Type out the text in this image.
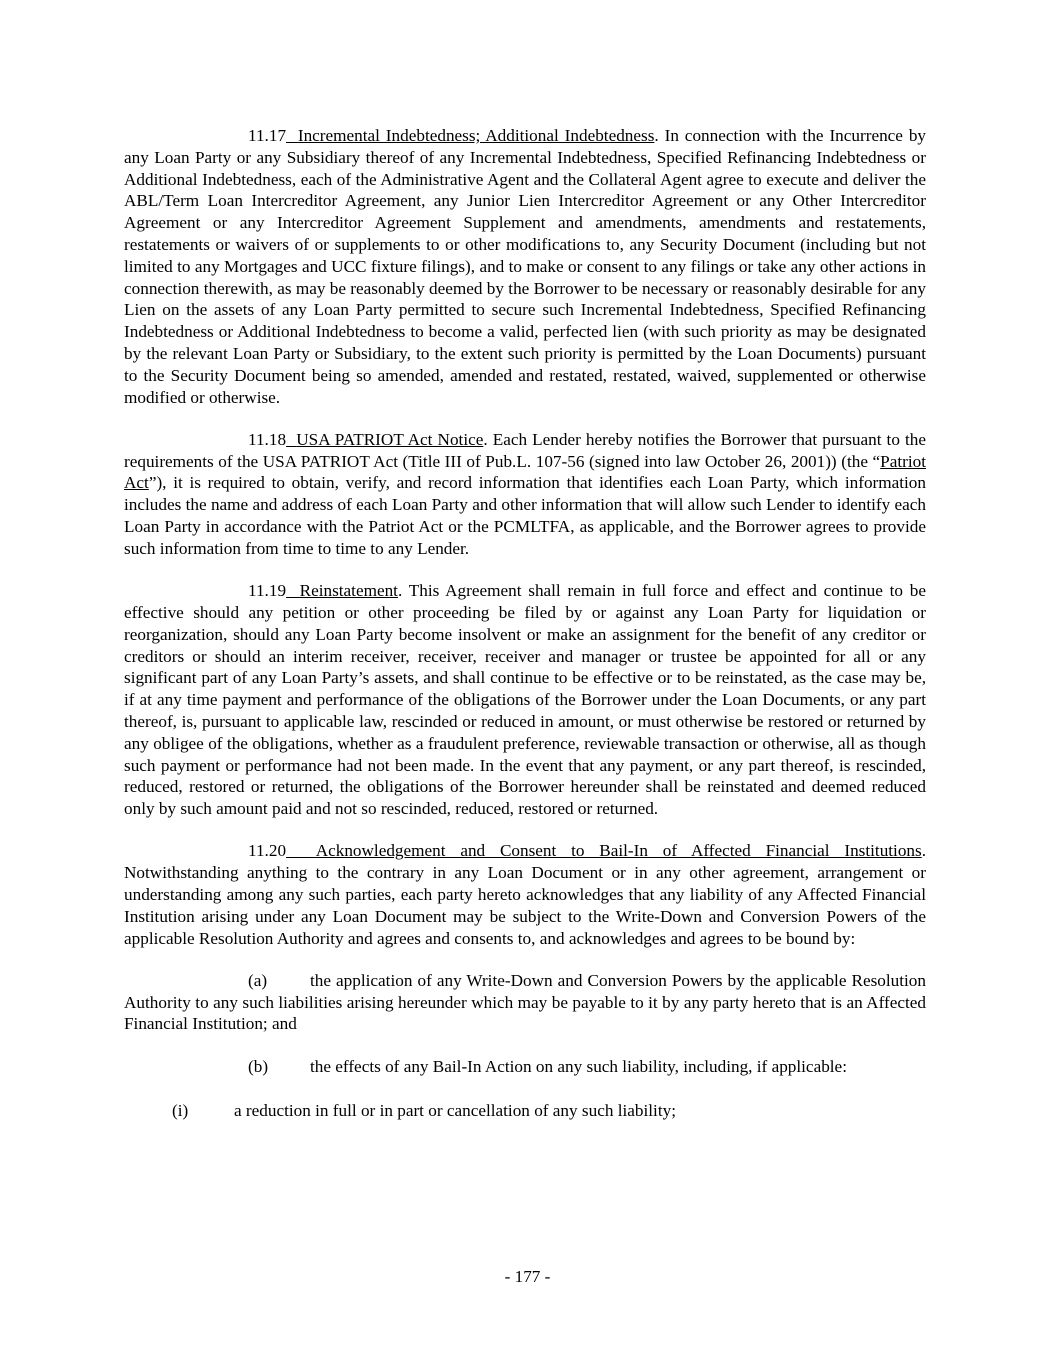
11.17 Incremental Indebtedness; Additional Indebtedness. In connection with the Incurrence by any Loan Party or any Subsidiary thereof of any Incremental Indebtedness, Specified Refinancing Indebtedness or Additional Indebtedness, each of the Administrative Agent and the Collateral Agent agree to execute and deliver the ABL/Term Loan Intercreditor Agreement, any Junior Lien Intercreditor Agreement or any Other Intercreditor Agreement or any Intercreditor Agreement Supplement and amendments, amendments and restatements, restatements or waivers of or supplements to or other modifications to, any Security Document (including but not limited to any Mortgages and UCC fixture filings), and to make or consent to any filings or take any other actions in connection therewith, as may be reasonably deemed by the Borrower to be necessary or reasonably desirable for any Lien on the assets of any Loan Party permitted to secure such Incremental Indebtedness, Specified Refinancing Indebtedness or Additional Indebtedness to become a valid, perfected lien (with such priority as may be designated by the relevant Loan Party or Subsidiary, to the extent such priority is permitted by the Loan Documents) pursuant to the Security Document being so amended, amended and restated, restated, waived, supplemented or otherwise modified or otherwise.

11.18 USA PATRIOT Act Notice. Each Lender hereby notifies the Borrower that pursuant to the requirements of the USA PATRIOT Act (Title III of Pub.L. 107-56 (signed into law October 26, 2001)) (the “Patriot Act”), it is required to obtain, verify, and record information that identifies each Loan Party, which information includes the name and address of each Loan Party and other information that will allow such Lender to identify each Loan Party in accordance with the Patriot Act or the PCMLTFA, as applicable, and the Borrower agrees to provide such information from time to time to any Lender.

11.19 Reinstatement. This Agreement shall remain in full force and effect and continue to be effective should any petition or other proceeding be filed by or against any Loan Party for liquidation or reorganization, should any Loan Party become insolvent or make an assignment for the benefit of any creditor or creditors or should an interim receiver, receiver, receiver and manager or trustee be appointed for all or any significant part of any Loan Party’s assets, and shall continue to be effective or to be reinstated, as the case may be, if at any time payment and performance of the obligations of the Borrower under the Loan Documents, or any part thereof, is, pursuant to applicable law, rescinded or reduced in amount, or must otherwise be restored or returned by any obligee of the obligations, whether as a fraudulent preference, reviewable transaction or otherwise, all as though such payment or performance had not been made. In the event that any payment, or any part thereof, is rescinded, reduced, restored or returned, the obligations of the Borrower hereunder shall be reinstated and deemed reduced only by such amount paid and not so rescinded, reduced, restored or returned.

11.20 Acknowledgement and Consent to Bail-In of Affected Financial Institutions. Notwithstanding anything to the contrary in any Loan Document or in any other agreement, arrangement or understanding among any such parties, each party hereto acknowledges that any liability of any Affected Financial Institution arising under any Loan Document may be subject to the Write-Down and Conversion Powers of the applicable Resolution Authority and agrees and consents to, and acknowledges and agrees to be bound by:

(a) the application of any Write-Down and Conversion Powers by the applicable Resolution Authority to any such liabilities arising hereunder which may be payable to it by any party hereto that is an Affected Financial Institution; and

(b) the effects of any Bail-In Action on any such liability, including, if applicable:

(i)	a reduction in full or in part or cancellation of any such liability;

- 177 -
